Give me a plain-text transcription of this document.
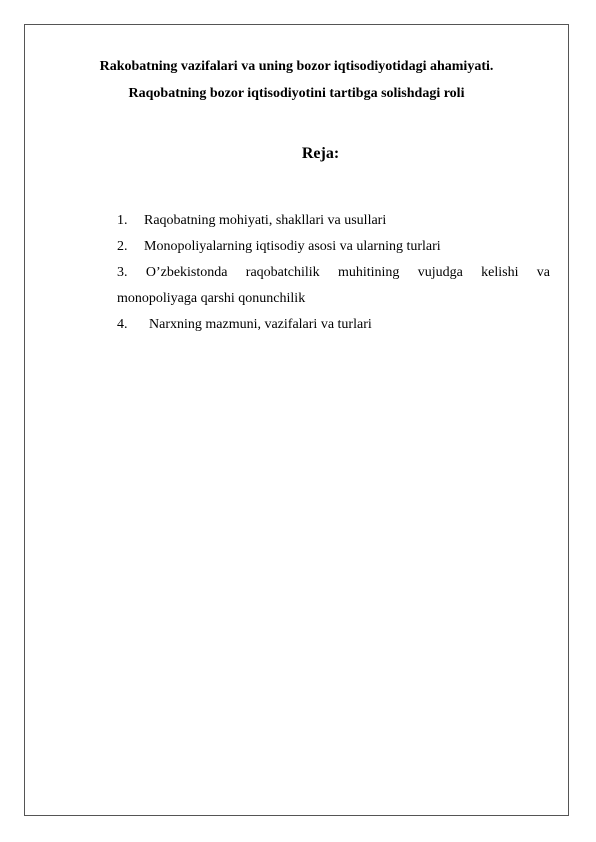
Rakobatning vazifalari va uning bozor iqtisodiyotidagi ahamiyati.
Raqobatning bozor iqtisodiyotini tartibga solishdagi roli
Reja:
1.	Raqobatning mohiyati, shakllari va usullari
2.	Monopoliyalarning iqtisodiy asosi va ularning turlari
3. O’zbekistonda raqobatchilik muhitining vujudga kelishi va
monopoliyaga qarshi qonunchilik
4.	Narxning mazmuni, vazifalari va turlari
